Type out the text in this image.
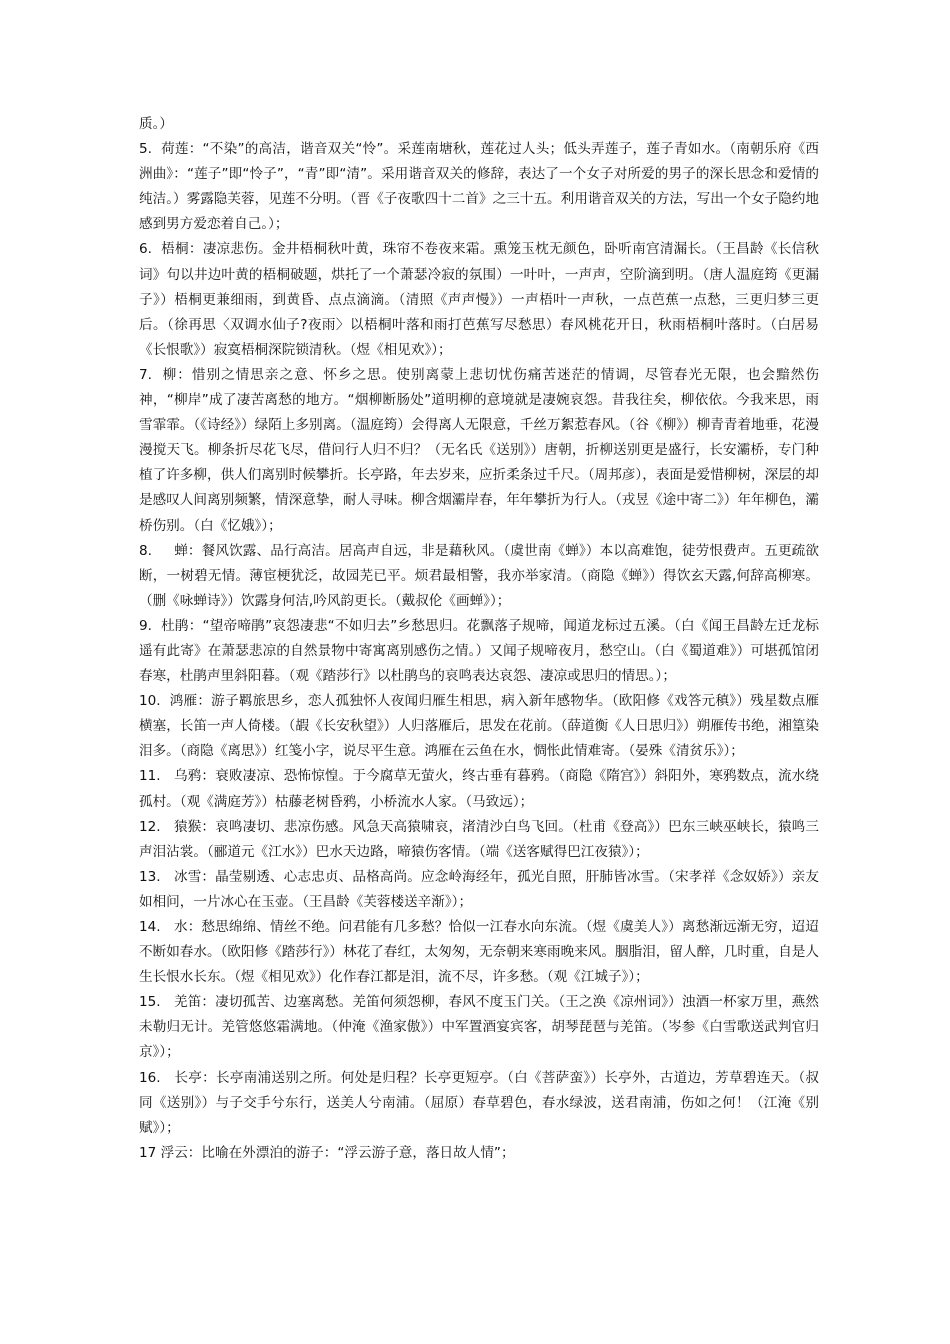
质。）

5.  荷莲：“不染”的高洁，谐音双关“怜”。采莲南塘秋，莲花过人头；低头弄莲子，莲子青如水。（南朝乐府《西洲曲》：“莲子”即“怜子”，“青”即“清”。采用谐音双关的修辞，表达了一个女子对所爱的男子的深长思念和爱情的纯洁。）雾露隐芙蓉，见莲不分明。（晋《子夜歌四十二首》之三十五。利用谐音双关的方法，写出一个女子隐约地感到男方爱恋着自己。）；

6.  梧桐：凄凉悲伤。金井梧桐秋叶黄，珠帘不卷夜来霜。熏笼玉枕无颜色，卧听南宫清漏长。（王昌龄《长信秋词》句以井边叶黄的梧桐破题，烘托了一个萧瑟冷寂的氛围）一叶叶，一声声，空阶滴到明。（唐人温庭筠《更漏子》）梧桐更兼细雨，到黄昏、点点滴滴。（清照《声声慢》）一声梧叶一声秋，一点芭蕉一点愁，三更归梦三更后。（徐再思〈双调水仙子?夜雨〉以梧桐叶落和雨打芭蕉写尽愁思）春风桃花开日，秋雨梧桐叶落时。（白居易《长恨歌》）寂寞梧桐深院锁清秋。（煜《相见欢》）；

7.  柳：惜别之情思亲之意、怀乡之思。使别离蒙上悲切忧伤痛苦迷茫的情调，尽管春光无限，也会黯然伤神，“柳岸”成了凄苦离愁的地方。“烟柳断肠处”道明柳的意境就是凄婉哀怨。昔我往矣，柳依依。今我来思，雨雪霏霏。（《诗经》）绿陌上多别离。（温庭筠）会得离人无限意，千丝万絮惹春风。（谷《柳》）柳青青着地垂，花漫漫搅天飞。柳条折尽花飞尽，借问行人归不归？（无名氏《送别》）唐朝，折柳送别更是盛行，长安灞桥，专门种植了许多柳，供人们离别时候攀折。长亭路，年去岁来，应折柔条过千尺。（周邦彦），表面是爱惜柳树，深层的却是感叹人间离别频繁，情深意挚，耐人寻味。柳含烟灞岸春，年年攀折为行人。（戎昱《途中寄二》）年年柳色，灞桥伤别。（白《忆娥》）；

8.     蝉：餐风饮露、品行高洁。居高声自远，非是藉秋风。（虞世南《蝉》）本以高难饱，徒劳恨费声。五更疏欲断，一树碧无情。薄宦梗犹泛，故园芜已平。烦君最相警，我亦举家清。（商隐《蝉》）得饮玄天露,何辞高柳寒。（删《咏蝉诗》）饮露身何洁,吟风韵更长。（戴叔伦《画蝉》）；

9.  杜鹃：“望帝啼鹃”哀怨凄悲“不如归去”乡愁思归。花飘落子规啼，闻道龙标过五溪。（白《闻王昌龄左迁龙标遥有此寄》在萧瑟悲凉的自然景物中寄寓离别感伤之情。）又闻子规啼夜月，愁空山。（白《蜀道难》）可堪孤馆闭春寒，杜鹃声里斜阳暮。（观《踏莎行》以杜鹃鸟的哀鸣表达哀怨、凄凉或思归的情思。）；

10.  鸿雁：游子羁旅思乡，恋人孤独怀人夜闻归雁生相思，病入新年感物华。（欧阳修《戏答元稹》）残星数点雁横塞，长笛一声人倚楼。（嘏《长安秋望》）人归落雁后，思发在花前。（薛道衡《人日思归》）朔雁传书绝，湘篁染泪多。（商隐《离思》）红笺小字，说尽平生意。鸿雁在云鱼在水，惆怅此情难寄。（晏殊《清贫乐》）；

11.   乌鸦：衰败凄凉、恐怖惊惶。于今腐草无萤火，终古垂有暮鸦。（商隐《隋宫》）斜阳外，寒鸦数点，流水绕孤村。（观《满庭芳》）枯藤老树昏鸦，小桥流水人家。（马致远）；

12.   猿猴：哀鸣凄切、悲凉伤感。风急天高猿啸哀，渚清沙白鸟飞回。（杜甫《登高》）巴东三峡巫峡长，猿鸣三声泪沾裳。（郦道元《江水》）巴水天边路，啼猿伤客情。（端《送客赋得巴江夜猿》）；

13.   冰雪：晶莹剔透、心志忠贞、品格高尚。应念岭海经年，孤光自照，肝肺皆冰雪。（宋孝祥《念奴娇》）亲友如相问，一片冰心在玉壶。（王昌龄《芙蓉楼送辛渐》）；

14.   水：愁思绵绵、情丝不绝。问君能有几多愁？恰似一江春水向东流。（煜《虞美人》）离愁渐远渐无穷，迢迢不断如春水。（欧阳修《踏莎行》）林花了春红，太匆匆，无奈朝来寒雨晚来风。胭脂泪，留人醉，几时重，自是人生长恨水长东。（煜《相见欢》）化作春江都是泪，流不尽，许多愁。（观《江城子》）；

15.   羌笛：凄切孤苦、边塞离愁。羌笛何须怨柳，春风不度玉门关。（王之涣《凉州词》）浊酒一杯家万里，燕然未勒归无计。羌管悠悠霜满地。（仲淹《渔家傲》）中军置酒宴宾客，胡琴琵琶与羌笛。（岑参《白雪歌送武判官归京》）；

16.   长亭：长亭南浦送别之所。何处是归程？长亭更短亭。（白《菩萨蛮》）长亭外，古道边，芳草碧连天。（叔同《送别》）与子交手兮东行，送美人兮南浦。（屈原）春草碧色，春水绿波，送君南浦，伤如之何！（江淹《别赋》）；

17 浮云：比喻在外漂泊的游子：“浮云游子意，落日故人情”；
